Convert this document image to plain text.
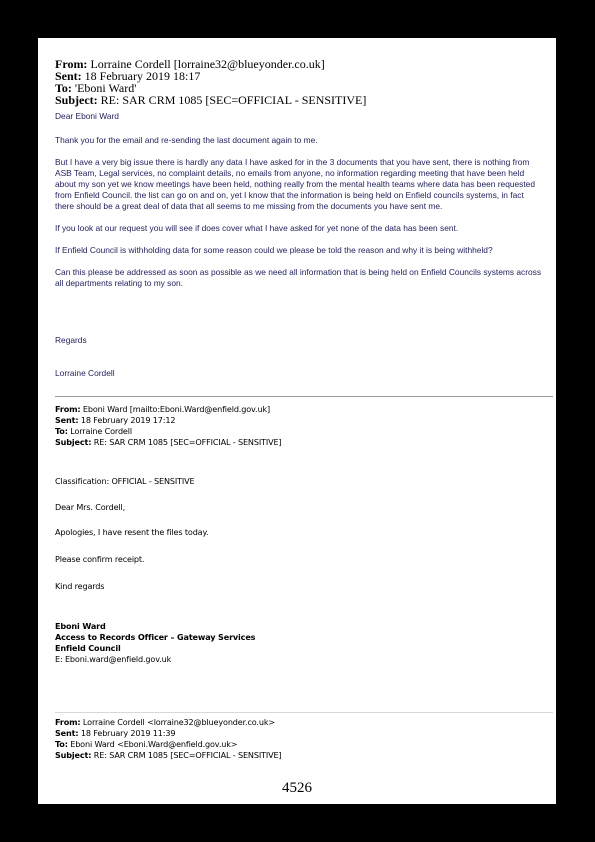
From: Lorraine Cordell [lorraine32@blueyonder.co.uk]
Sent: 18 February 2019 18:17
To: 'Eboni Ward'
Subject: RE: SAR CRM 1085 [SEC=OFFICIAL - SENSITIVE]
Dear Eboni Ward

Thank you for the email and re-sending the last document again to me.

But I have a very big issue there is hardly any data I have asked for in the 3 documents that you have sent, there is nothing from ASB Team, Legal services, no complaint details, no emails from anyone, no information regarding meeting that have been held about my son yet we know meetings have been held, nothing really from the mental health teams where data has been requested from Enfield Council. the list can go on and on, yet I know that the information is being held on Enfield councils systems, in fact there should be a great deal of data that all seems to me missing from the documents you have sent me.

If you look at our request you will see if does cover what I have asked for yet none of the data has been sent.

If Enfield Council is withholding data for some reason could we please be told the reason and why it is being withheld?

Can this please be addressed as soon as possible as we need all information that is being held on Enfield Councils systems across all departments relating to my son.

Regards
Lorraine Cordell
From: Eboni Ward [mailto:Eboni.Ward@enfield.gov.uk]
Sent: 18 February 2019 17:12
To: Lorraine Cordell
Subject: RE: SAR CRM 1085 [SEC=OFFICIAL - SENSITIVE]
Classification: OFFICIAL - SENSITIVE
Dear Mrs. Cordell,
Apologies, I have resent the files today.
Please confirm receipt.
Kind regards
Eboni Ward
Access to Records Officer – Gateway Services
Enfield Council
E: Eboni.ward@enfield.gov.uk
From: Lorraine Cordell <lorraine32@blueyonder.co.uk>
Sent: 18 February 2019 11:39
To: Eboni Ward <Eboni.Ward@enfield.gov.uk>
Subject: RE: SAR CRM 1085 [SEC=OFFICIAL - SENSITIVE]
4526
